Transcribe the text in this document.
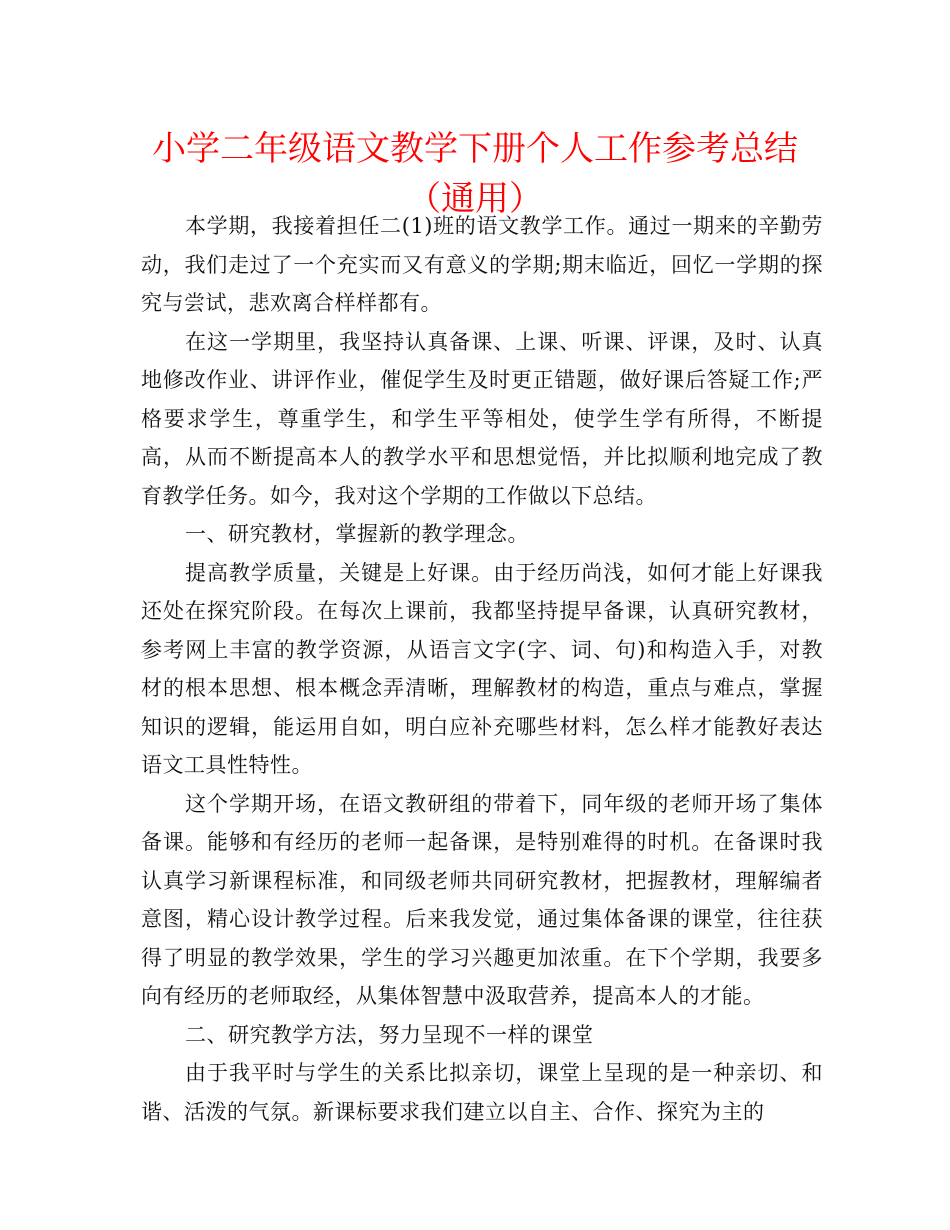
小学二年级语文教学下册个人工作参考总结（通用）

本学期，我接着担任二(1)班的语文教学工作。通过一期来的辛勤劳动，我们走过了一个充实而又有意义的学期;期末临近，回忆一学期的探究与尝试，悲欢离合样样都有。

在这一学期里，我坚持认真备课、上课、听课、评课，及时、认真地修改作业、讲评作业，催促学生及时更正错题，做好课后答疑工作;严格要求学生，尊重学生，和学生平等相处，使学生学有所得，不断提高，从而不断提高本人的教学水平和思想觉悟，并比拟顺利地完成了教育教学任务。如今，我对这个学期的工作做以下总结。

一、研究教材，掌握新的教学理念。

提高教学质量，关键是上好课。由于经历尚浅，如何才能上好课我还处在探究阶段。在每次上课前，我都坚持提早备课，认真研究教材，参考网上丰富的教学资源，从语言文字(字、词、句)和构造入手，对教材的根本思想、根本概念弄清晰，理解教材的构造，重点与难点，掌握知识的逻辑，能运用自如，明白应补充哪些材料，怎么样才能教好表达语文工具性特性。

这个学期开场，在语文教研组的带着下，同年级的老师开场了集体备课。能够和有经历的老师一起备课，是特别难得的时机。在备课时我认真学习新课程标准，和同级老师共同研究教材，把握教材，理解编者意图，精心设计教学过程。后来我发觉，通过集体备课的课堂，往往获得了明显的教学效果，学生的学习兴趣更加浓重。在下个学期，我要多向有经历的老师取经，从集体智慧中汲取营养，提高本人的才能。

二、研究教学方法，努力呈现不一样的课堂

由于我平时与学生的关系比拟亲切，课堂上呈现的是一种亲切、和谐、活泼的气氛。新课标要求我们建立以自主、合作、探究为主的
